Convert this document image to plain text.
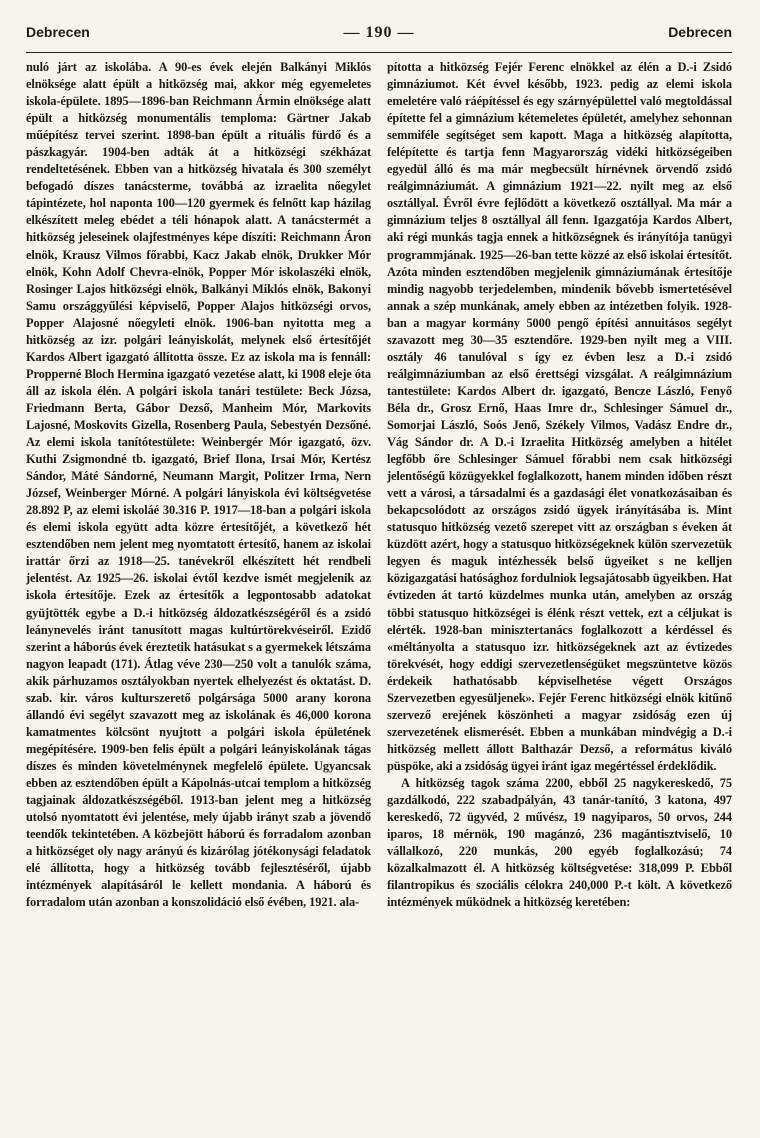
Debrecen	— 190 —	Debrecen

nuló járt az iskolába. A 90-es évek elején Balkányi Miklós elnöksége alatt épült a hitközség mai, akkor még egyemeletes iskola-épülete. 1895—1896-ban Reichmann Ármin elnöksége alatt épült a hitközség monumentális temploma: Gärtner Jakab műépítész tervei szerint. 1898-ban épült a rituális fürdő és a pászkagyár. 1904-ben adták át a hitközségi székházat rendeltetésének. Ebben van a hitközség hivatala és 300 személyt befogadó díszes tanácsterme, továbbá az izraelita nőegylet tápintézete, hol naponta 100—120 gyermek és felnőtt kap házilag elkészített meleg ebédet a téli hónapok alatt. A tanácstermét a hitközség jeleseinek olajfestményes képe díszíti: Reichmann Áron elnök, Krausz Vilmos főrabbi, Kacz Jakab elnök, Drukker Mór elnök, Kohn Adolf Chevra-elnök, Popper Mór iskolaszéki elnök, Rosinger Lajos hitközségi elnök, Balkányi Miklós elnök, Bakonyi Samu országgyűlési képviselő, Popper Alajos hitközségi orvos, Popper Alajosné nőegyleti elnök. 1906-ban nyitotta meg a hitközség az izr. polgári leányiskolát, melynek első értesítőjét Kardos Albert igazgató állította össze. Ez az iskola ma is fennáll: Propperné Bloch Hermina igazgató vezetése alatt, ki 1908 eleje óta áll az iskola élén. A polgári iskola tanári testülete: Beck Józsa, Friedmann Berta, Gábor Dezső, Manheim Mór, Markovits Lajosné, Moskovits Gizella, Rosenberg Paula, Sebestyén Dezsőné. Az elemi iskola tanítótestülete: Weinbergér Mór igazgató, özv. Kuthi Zsigmondné tb. igazgató, Brief Ilona, Irsai Mór, Kertész Sándor, Máté Sándorné, Neumann Margit, Politzer Irma, Nern József, Weinberger Mórné. A polgári lányiskola évi költségvetése 28.892 P, az elemi iskoláé 30.316 P. 1917—18-ban a polgári iskola és elemi iskola együtt adta közre értesítőjét, a következő hét esztendőben nem jelent meg nyomtatott értesítő, hanem az iskolai irattár őrzi az 1918—25. tanévekről elkészített hét rendbeli jelentést. Az 1925—26. iskolai évtől kezdve ismét megjelenik az iskola értesítője. Ezek az értesítők a legpontosabb adatokat gyüjtötték egybe a D.-i hitközség áldozatkészségéről és a zsidó leánynevelés iránt tanusított magas kultúrtörekvéseiről. Ezidő szerint a háborús évek éreztetik hatásukat s a gyermekek létszáma nagyon leapadt (171). Átlag véve 230—250 volt a tanulók száma, akik párhuzamos osztályokban nyertek elhelyezést és oktatást. D. szab. kir. város kulturszerető polgársága 5000 arany korona állandó évi segélyt szavazott meg az iskolának és 46,000 korona kamatmentes kölcsönt nyujtott a polgári iskola épületének megépítésére. 1909-ben felis épült a polgári leányiskolának tágas díszes és minden követelménynek megfelelő épülete. Ugyancsak ebben az esztendőben épült a Kápolnás-utcai templom a hitközség tagjainak áldozatkészségéből. 1913-ban jelent meg a hitközség utolsó nyomtatott évi jelentése, mely újabb irányt szab a jövendő teendők tekintetében. A közbejött háború és forradalom azonban a hitközséget oly nagy arányú és kizárólag jótékonysági feladatok elé állította, hogy a hitközség tovább fejlesztéséről, újabb intézmények alapításáról le kellett mondania. A háború és forradalom után azonban a konszolidáció első évében, 1921. ala-

pította a hitközség Fejér Ferenc elnökkel az élén a D.-i Zsidó gimnáziumot. Két évvel később, 1923. pedig az elemi iskola emeletére való ráépítéssel és egy szárnyépülettel való megtoldással építette fel a gimnázium kétemeletes épületét, amelyhez sehonnan semmiféle segítséget sem kapott. Maga a hitközség alapította, felépítette és tartja fenn Magyarország vidéki hitközségeiben egyedül álló és ma már megbecsült hírnévnek örvendő zsidó reálgimnáziumát. A gimnázium 1921—22. nyilt meg az első osztállyal. Évről évre fejlődött a következő osztállyal. Ma már a gimnázium teljes 8 osztállyal áll fenn. Igazgatója Kardos Albert, aki régi munkás tagja ennek a hitközségnek és irányítója tanügyi programmjának. 1925—26-ban tette közzé az első iskolai értesítőt. Azóta minden esztendőben megjelenik gimnáziumának értesítője mindig nagyobb terjedelemben, mindenik bővebb ismertetésével annak a szép munkának, amely ebben az intézetben folyik. 1928-ban a magyar kormány 5000 pengő építési annuitásos segélyt szavazott meg 30—35 esztendőre. 1929-ben nyilt meg a VIII. osztály 46 tanulóval s így ez évben lesz a D.-i zsidó reálgimnáziumban az első érettségi vizsgálat. A reálgimnázium tantestülete: Kardos Albert dr. igazgató, Bencze László, Fenyő Béla dr., Grosz Ernő, Haas Imre dr., Schlesinger Sámuel dr., Somorjai László, Soós Jenő, Székely Vilmos, Vadász Endre dr., Vág Sándor dr. A D.-i Izraelita Hitközség amelyben a hitélet legfőbb őre Schlesinger Sámuel főrabbi nem csak hitközségi jelentőségű közügyekkel foglalkozott, hanem minden időben részt vett a városi, a társadalmi és a gazdasági élet vonatkozásaiban és bekapcsolódott az országos zsidó ügyek irányításába is. Mint statusquo hitközség vezető szerepet vitt az országban s éveken át küzdött azért, hogy a statusquo hitközségeknek külön szervezetük legyen és maguk intézhessék belső ügyeiket s ne kelljen közigazgatási hatósághoz fordulniok legsajátosabb ügyeikben. Hat évtizeden át tartó küzdelmes munka után, amelyben az ország többi statusquo hitközségei is élénk részt vettek, ezt a céljukat is elérték. 1928-ban minisztertanács foglalkozott a kérdéssel és «méltányolta a statusquo izr. hitközségeknek azt az évtizedes törekvését, hogy eddigi szervezetlenségüket megszüntetve közös érdekeik hathatósabb képviselhetése végett Országos Szervezetben egyesüljenek». Fejér Ferenc hitközségi elnök kitűnő szervező erejének köszönheti a magyar zsidóság ezen új szervezetének elismerését. Ebben a munkában mindvégig a D.-i hitközség mellett állott Balthazár Dezső, a református kiváló püspöke, aki a zsidóság ügyei iránt igaz megértéssel érdeklődik.

A hitközség tagok száma 2200, ebből 25 nagykereskedő, 75 gazdálkodó, 222 szabadpályán, 43 tanár-tanító, 3 katona, 497 kereskedő, 72 ügyvéd, 2 művész, 19 nagyiparos, 50 orvos, 244 iparos, 18 mérnök, 190 magánzó, 236 magántisztviselő, 10 vállalkozó, 220 munkás, 200 egyéb foglalkozású; 74 közalkalmazott él. A hitközség költségvetése: 318,099 P. Ebből filantropikus és szociális célokra 240,000 P.-t költ. A következő intézmények működnek a hitközség keretében:
